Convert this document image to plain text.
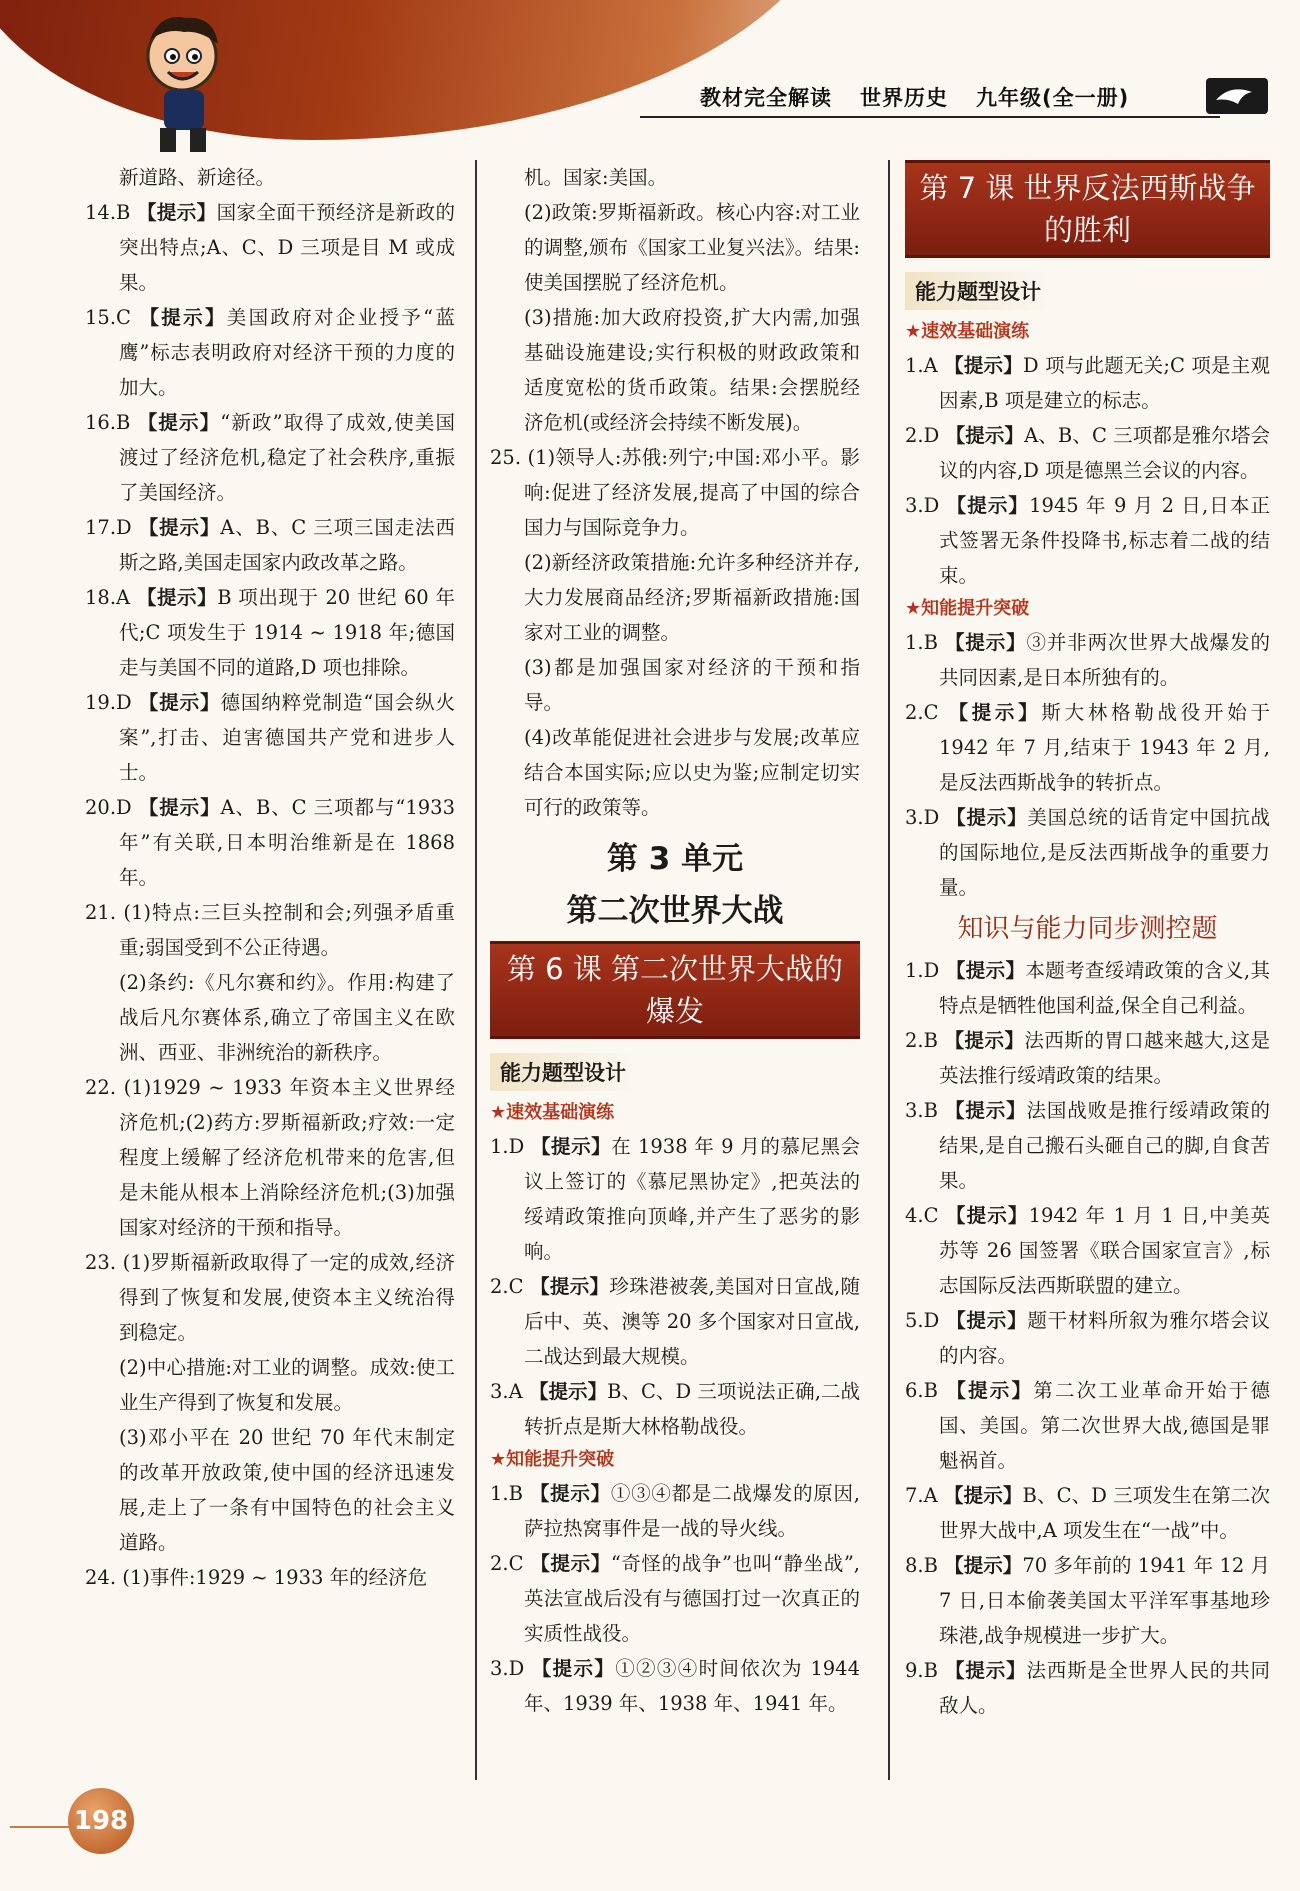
教材完全解读 世界历史 九年级(全一册)
新道路、新途径。
14.B 【提示】国家全面干预经济是新政的突出特点;A、C、D 三项是目 M 或成果。
15.C 【提示】美国政府对企业授予“蓝鹰”标志表明政府对经济干预的力度的加大。
16.B 【提示】“新政”取得了成效,使美国渡过了经济危机,稳定了社会秩序,重振了美国经济。
17.D 【提示】A、B、C 三项三国走法西斯之路,美国走国家内政改革之路。
18.A 【提示】B 项出现于 20 世纪 60 年代;C 项发生于 1914 ~ 1918 年;德国走与美国不同的道路,D 项也排除。
19.D 【提示】德国纳粹党制造“国会纵火案”,打击、迫害德国共产党和进步人士。
20.D 【提示】A、B、C 三项都与“1933 年”有关联,日本明治维新是在 1868 年。
21. (1)特点:三巨头控制和会;列强矛盾重重;弱国受到不公正待遇。
(2)条约:《凡尔赛和约》。作用:构建了战后凡尔赛体系,确立了帝国主义在欧洲、西亚、非洲统治的新秩序。
22. (1)1929 ~ 1933 年资本主义世界经济危机;(2)药方:罗斯福新政;疗效:一定程度上缓解了经济危机带来的危害,但是未能从根本上消除经济危机;(3)加强国家对经济的干预和指导。
23. (1)罗斯福新政取得了一定的成效,经济得到了恢复和发展,使资本主义统治得到稳定。
(2)中心措施:对工业的调整。成效:使工业生产得到了恢复和发展。
(3)邓小平在 20 世纪 70 年代末制定的改革开放政策,使中国的经济迅速发展,走上了一条有中国特色的社会主义道路。
24. (1)事件:1929 ~ 1933 年的经济危
机。国家:美国。
(2)政策:罗斯福新政。核心内容:对工业的调整,颁布《国家工业复兴法》。结果:使美国摆脱了经济危机。
(3)措施:加大政府投资,扩大内需,加强基础设施建设;实行积极的财政政策和适度宽松的货币政策。结果:会摆脱经济危机(或经济会持续不断发展)。
25. (1)领导人:苏俄:列宁;中国:邓小平。影响:促进了经济发展,提高了中国的综合国力与国际竞争力。
(2)新经济政策措施:允许多种经济并存,大力发展商品经济;罗斯福新政措施:国家对工业的调整。
(3)都是加强国家对经济的干预和指导。
(4)改革能促进社会进步与发展;改革应结合本国实际;应以史为鉴;应制定切实可行的政策等。
第 3 单元
第二次世界大战
第 6 课 第二次世界大战的爆发
能力题型设计
★速效基础演练
1.D 【提示】在 1938 年 9 月的慕尼黑会议上签订的《慕尼黑协定》,把英法的绥靖政策推向顶峰,并产生了恶劣的影响。
2.C 【提示】珍珠港被袭,美国对日宣战,随后中、英、澳等 20 多个国家对日宣战,二战达到最大规模。
3.A 【提示】B、C、D 三项说法正确,二战转折点是斯大林格勒战役。
★知能提升突破
1.B 【提示】①③④都是二战爆发的原因,萨拉热窝事件是一战的导火线。
2.C 【提示】“奇怪的战争”也叫“静坐战”,英法宣战后没有与德国打过一次真正的实质性战役。
3.D 【提示】①②③④时间依次为 1944 年、1939 年、1938 年、1941 年。
第 7 课 世界反法西斯战争的胜利
能力题型设计
★速效基础演练
1.A 【提示】D 项与此题无关;C 项是主观因素,B 项是建立的标志。
2.D 【提示】A、B、C 三项都是雅尔塔会议的内容,D 项是德黑兰会议的内容。
3.D 【提示】1945 年 9 月 2 日,日本正式签署无条件投降书,标志着二战的结束。
★知能提升突破
1.B 【提示】③并非两次世界大战爆发的共同因素,是日本所独有的。
2.C 【提示】斯大林格勒战役开始于 1942 年 7 月,结束于 1943 年 2 月,是反法西斯战争的转折点。
3.D 【提示】美国总统的话肯定中国抗战的国际地位,是反法西斯战争的重要力量。
知识与能力同步测控题
1.D 【提示】本题考查绥靖政策的含义,其特点是牺牲他国利益,保全自己利益。
2.B 【提示】法西斯的胃口越来越大,这是英法推行绥靖政策的结果。
3.B 【提示】法国战败是推行绥靖政策的结果,是自己搬石头砸自己的脚,自食苦果。
4.C 【提示】1942 年 1 月 1 日,中美英苏等 26 国签署《联合国家宣言》,标志国际反法西斯联盟的建立。
5.D 【提示】题干材料所叙为雅尔塔会议的内容。
6.B 【提示】第二次工业革命开始于德国、美国。第二次世界大战,德国是罪魁祸首。
7.A 【提示】B、C、D 三项发生在第二次世界大战中,A 项发生在“一战”中。
8.B 【提示】70 多年前的 1941 年 12 月 7 日,日本偷袭美国太平洋军事基地珍珠港,战争规模进一步扩大。
9.B 【提示】法西斯是全世界人民的共同敌人。
198
